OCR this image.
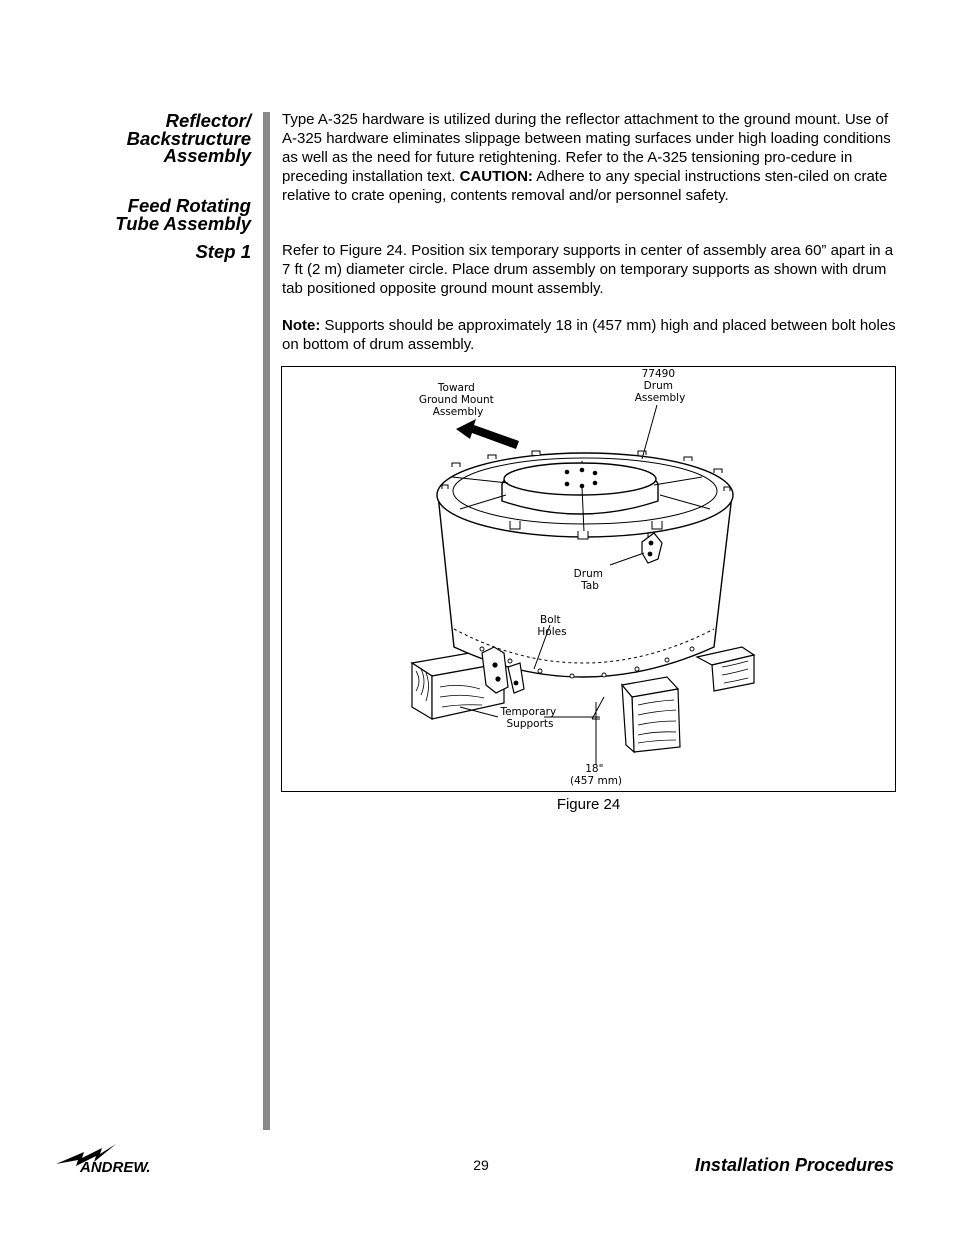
Reflector/
Backstructure
Assembly
Feed Rotating
Tube Assembly
Step 1
Type A-325 hardware is utilized during the reflector attachment to the ground mount. Use of A-325 hardware eliminates slippage between mating surfaces under high loading conditions as well as the need for future retightening. Refer to the A-325 tensioning pro-cedure in preceding installation text. CAUTION: Adhere to any special instructions sten-ciled on crate relative to crate opening, contents removal and/or personnel safety.
Refer to Figure 24. Position six temporary supports in center of assembly area 60” apart in a 7 ft (2 m) diameter circle. Place drum assembly on temporary supports as shown with drum tab positioned opposite ground mount assembly.
Note: Supports should be approximately 18 in (457 mm) high and placed between bolt holes on bottom of drum assembly.
Toward Ground Mount Assembly
77490 Drum Assembly
Drum Tab
Bolt Holes
Temporary Supports
18" (457 mm)
Figure 24
ANDREW.	29	Installation Procedures
